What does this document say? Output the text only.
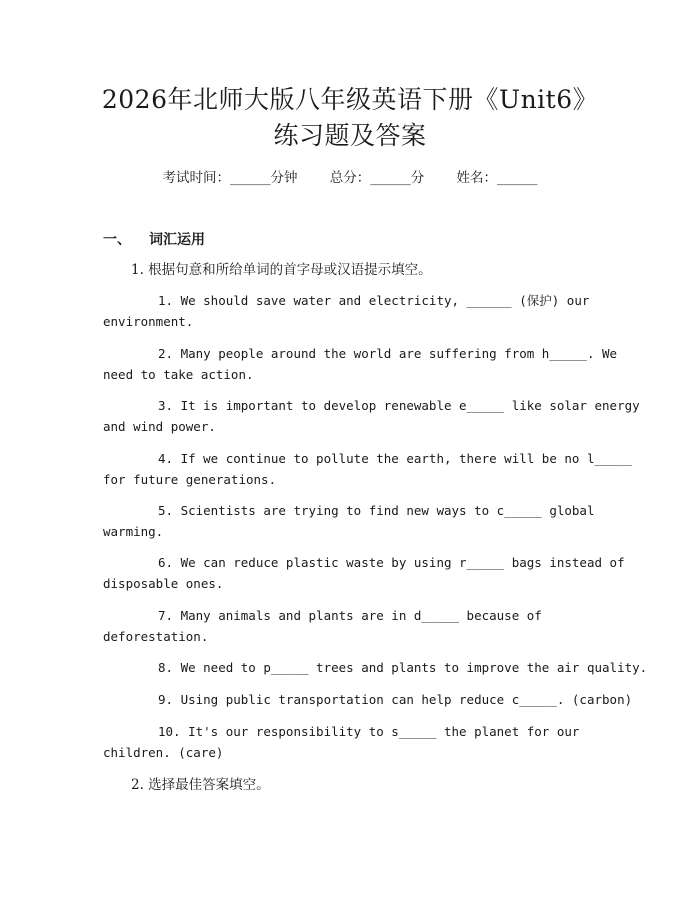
2026年北师大版八年级英语下册《Unit6》
练习题及答案
考试时间：______分钟 总分：______分 姓名：______
一、 词汇运用
1. 根据句意和所给单词的首字母或汉语提示填空。
1. We should save water and electricity, ______ (保护) our
environment.
2. Many people around the world are suffering from h_____. We
need to take action.
3. It is important to develop renewable e_____ like solar energy
and wind power.
4. If we continue to pollute the earth, there will be no l_____
for future generations.
5. Scientists are trying to find new ways to c_____ global
warming.
6. We can reduce plastic waste by using r_____ bags instead of
disposable ones.
7. Many animals and plants are in d_____ because of
deforestation.
8. We need to p_____ trees and plants to improve the air quality.
9. Using public transportation can help reduce c_____. (carbon)
10. It's our responsibility to s_____ the planet for our
children. (care)
2. 选择最佳答案填空。
